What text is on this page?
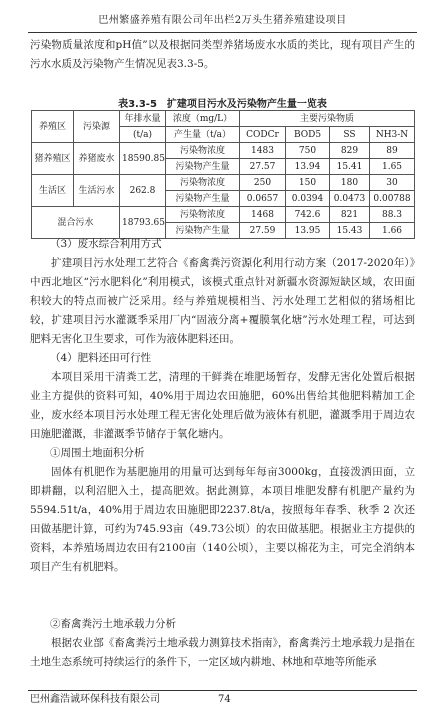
巴州繁盛养殖有限公司年出栏2万头生猪养殖建设项目

污染物质量浓度和pH值”以及根据同类型养猪场废水水质的类比，现有项目产生的污水水质及污染物产生情况见表3.3-5。

表3.3-5　扩建项目污水及污染物产生量一览表
养殖区	污染源	年排水量	浓度（mg/L）	主要污染物质			
		(t/a)	产生量（t/a）	CODCr	BOD5	SS	NH3-N
猪养殖区	养猪废水	18590.85	污染物浓度	1483	750	829	89
			污染物产生量	27.57	13.94	15.41	1.65
生活区	生活污水	262.8	污染物浓度	250	150	180	30
			污染物产生量	0.0657	0.0394	0.0473	0.00788
混合污水		18793.65	污染物浓度	1468	742.6	821	88.3
			污染物产生量	27.59	13.95	15.43	1.66

（3）废水综合利用方式

扩建项目污水处理工艺符合《畜禽粪污资源化利用行动方案（2017-2020年）》中西北地区“污水肥料化”利用模式，该模式重点针对新疆水资源短缺区域，农田面积较大的特点而被广泛采用。经与养殖规模相当、污水处理工艺相似的猪场相比较，扩建项目污水灌溉季采用厂内“固液分离+覆膜氧化塘”污水处理工程，可达到肥料无害化卫生要求，可作为液体肥料还田。

（4）肥料还田可行性

本项目采用干清粪工艺，清理的干鲜粪在堆肥场暂存，发酵无害化处置后根据业主方提供的资料可知，40%用于周边农田施肥，60%出售给其他肥料精加工企业，废水经本项目污水处理工程无害化处理后做为液体有机肥，灌溉季用于周边农田施肥灌溉，非灌溉季节储存于氧化塘内。

①周围土地面积分析

固体有机肥作为基肥施用的用量可达到每年每亩3000kg，直接泼洒田面，立即耕翻，以利沼肥入土，提高肥效。据此测算，本项目堆肥发酵有机肥产量约为5594.51t/a，40%用于周边农田施肥即2237.8t/a，按照每年春季、秋季 2 次还田做基肥计算，可约为745.93亩（49.73公顷）的农田做基肥。根据业主方提供的资料，本养殖场周边农田有2100亩（140公顷），主要以棉花为主，可完全消纳本项目产生有机肥料。

②畜禽粪污土地承载力分析

根据农业部《畜禽粪污土地承载力测算技术指南》，畜禽粪污土地承载力是指在土地生态系统可持续运行的条件下，一定区域内耕地、林地和草地等所能承

巴州鑫浩诚环保科技有限公司	74
